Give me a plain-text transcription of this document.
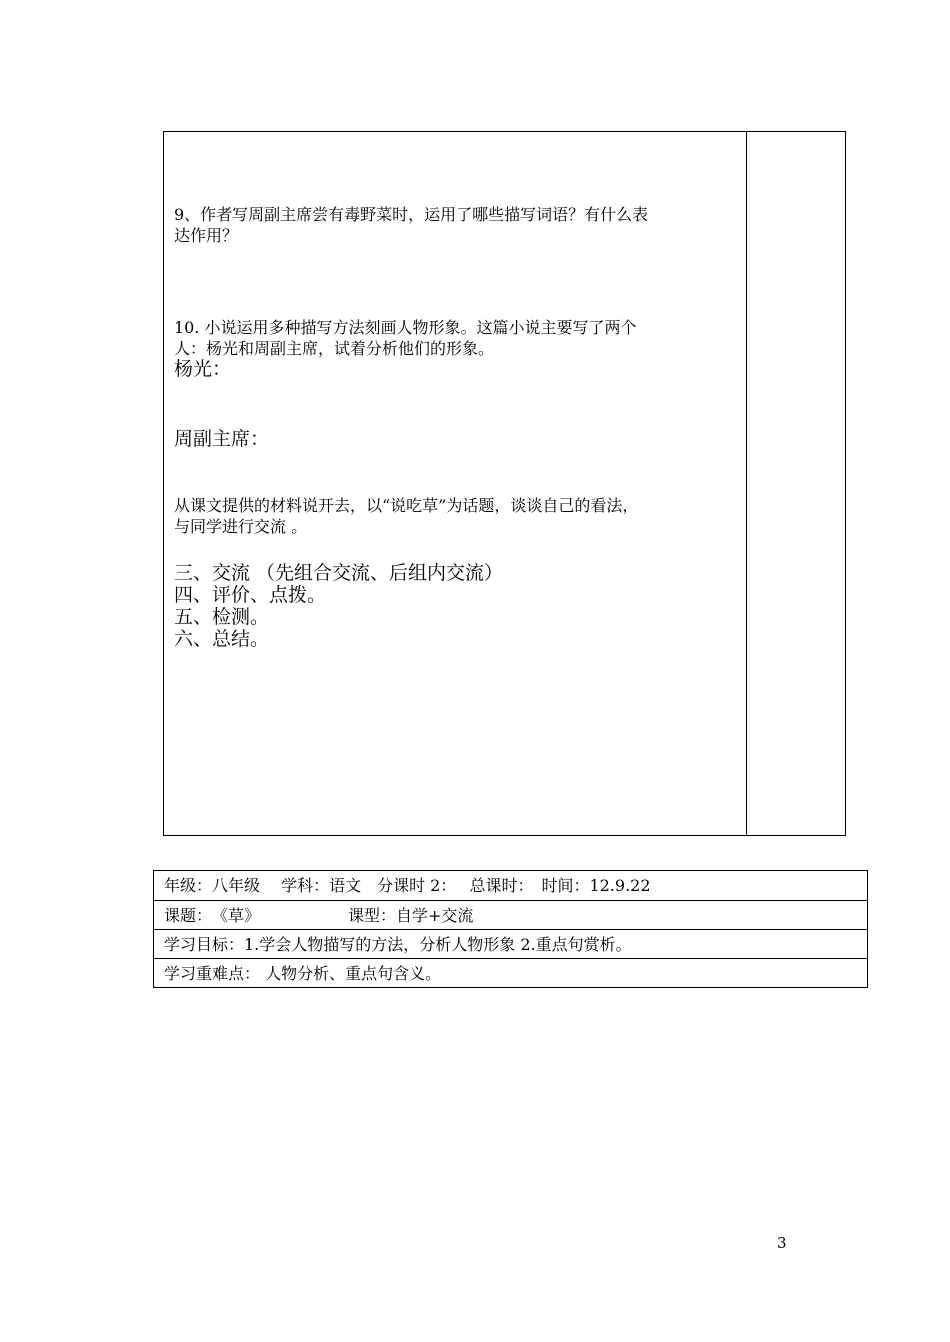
9、作者写周副主席尝有毒野菜时，运用了哪些描写词语？有什么表
达作用？
10. 小说运用多种描写方法刻画人物形象。这篇小说主要写了两个
人：杨光和周副主席，试着分析他们的形象。
杨光：
周副主席：
从课文提供的材料说开去，以“说吃草”为话题，谈谈自己的看法，
与同学进行交流 。
三、交流 （先组合交流、后组内交流）
四、评价、点拨。
五、检测。
六、总结。
年级：八年级　 学科：语文　分课时 2：　 总课时：　时间：12.9.22
课题：　《草》　　　　　　课型：自学+交流
学习目标：1.学会人物描写的方法，分析人物形象 2.重点句赏析。
学习重难点： 人物分析、重点句含义。
3
